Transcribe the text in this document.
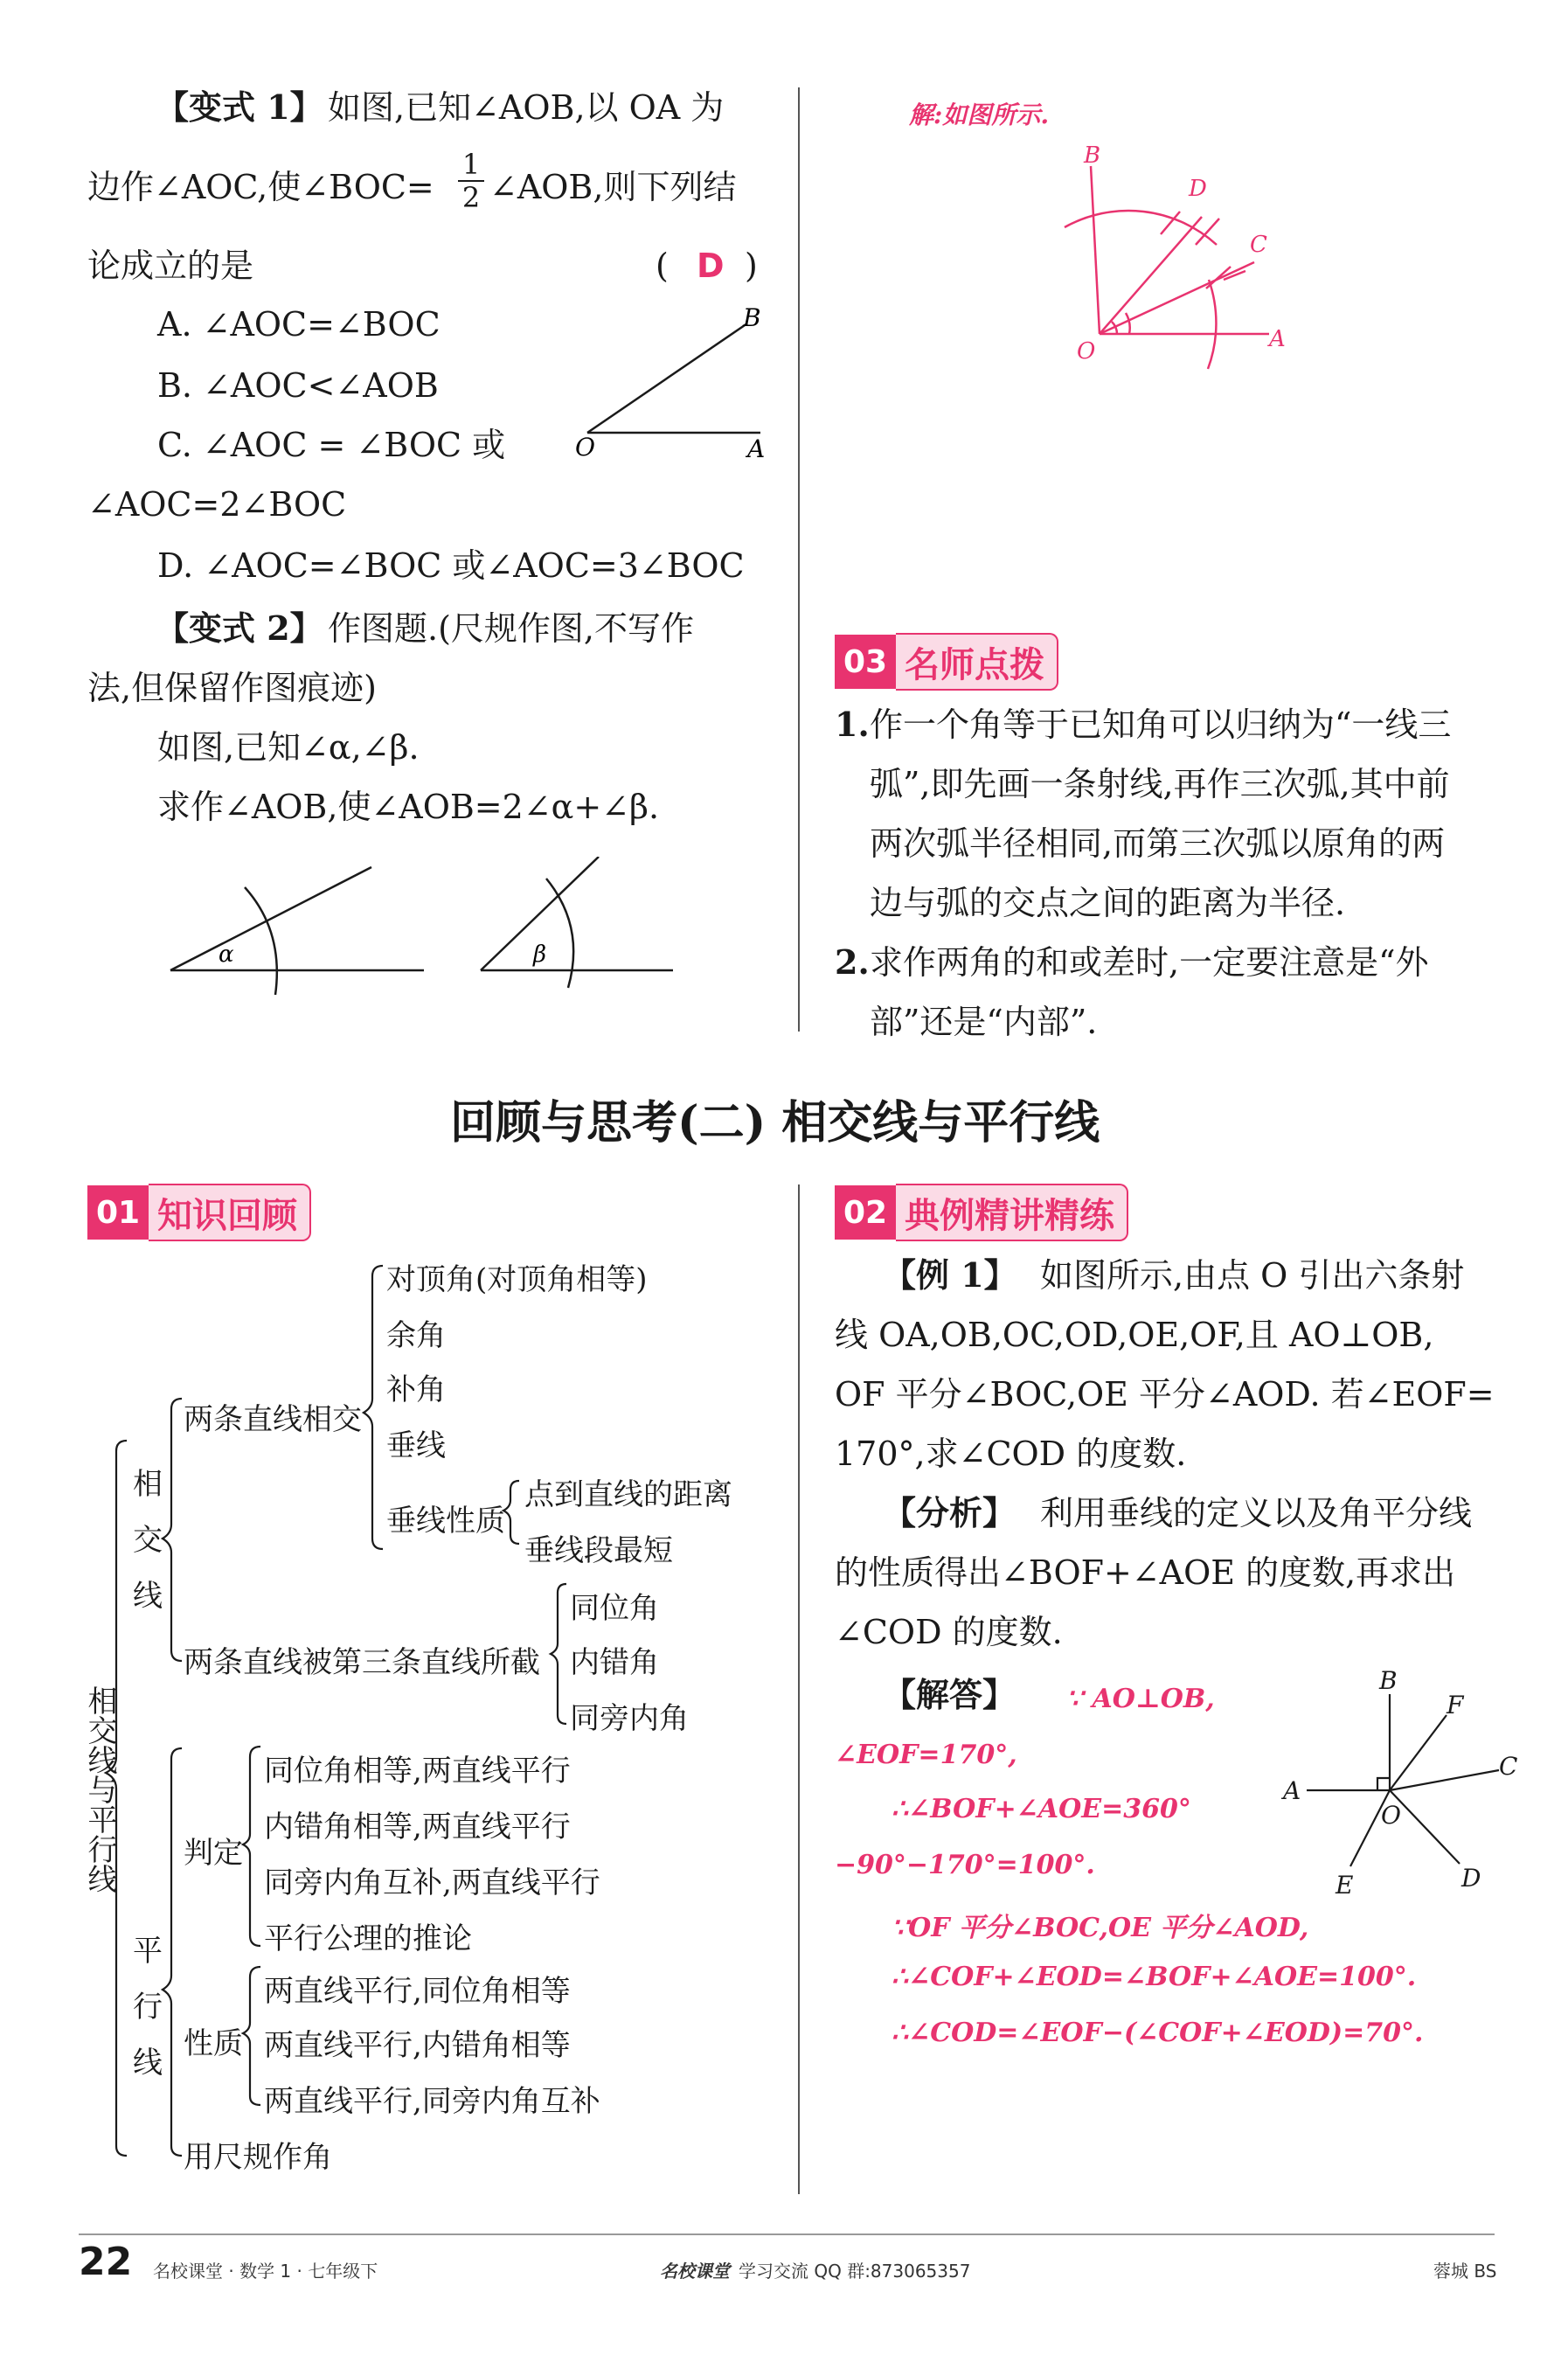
【变式 1】 如图,已知∠AOB,以 OA 为
边作∠AOC,使∠BOC=
1
2 ∠AOB,则下列结
论成立的是	( D )
A. ∠AOC=∠BOC
B. ∠AOC<∠AOB
C. ∠AOC = ∠BOC 或
∠AOC=2∠BOC
D. ∠AOC=∠BOC 或∠AOC=3∠BOC
B
O	A
【变式 2】 作图题.(尺规作图,不写作
法,但保留作图痕迹)
如图,已知∠α,∠β.
求作∠AOB,使∠AOB=2∠α+∠β.
α	β
解:如图所示.
B
D
C
O	A
03 名师点拨
1. 作一个角等于已知角可以归纳为“一线三
弧”,即先画一条射线,再作三次弧,其中前
两次弧半径相同,而第三次弧以原角的两
边与弧的交点之间的距离为半径.
2. 求作两角的和或差时,一定要注意是“外
部”还是“内部”.
回顾与思考(二) 相交线与平行线
01 知识回顾
相交线与平行线
相
交
线
平
行
线
两条直线相交
对顶角(对顶角相等)
余角
补角
垂线
垂线性质
点到直线的距离
垂线段最短
两条直线被第三条直线所截
同位角
内错角
同旁内角
判定
同位角相等,两直线平行
内错角相等,两直线平行
同旁内角互补,两直线平行
平行公理的推论
性质
两直线平行,同位角相等
两直线平行,内错角相等
两直线平行,同旁内角互补
用尺规作角
02 典例精讲精练
【例 1】 如图所示,由点 O 引出六条射
线 OA,OB,OC,OD,OE,OF,且 AO⊥OB,
OF 平分∠BOC,OE 平分∠AOD. 若∠EOF=
170°,求∠COD 的度数.
【分析】 利用垂线的定义以及角平分线
的性质得出∠BOF+∠AOE 的度数,再求出
∠COD 的度数.
【解答】 ∵ AO⊥OB,
∠EOF=170°,
∴∠BOF+∠AOE=360°
−90°−170°=100°.
∵OF 平分∠BOC,OE 平分∠AOD,
∴∠COF+∠EOD=∠BOF+∠AOE=100°.
∴∠COD=∠EOF−(∠COF+∠EOD)=70°.
B
F
C
A
O
E	D
22 名校课堂 · 数学 1 · 七年级下	名校课堂 学习交流 QQ 群:873065357	蓉城 BS
